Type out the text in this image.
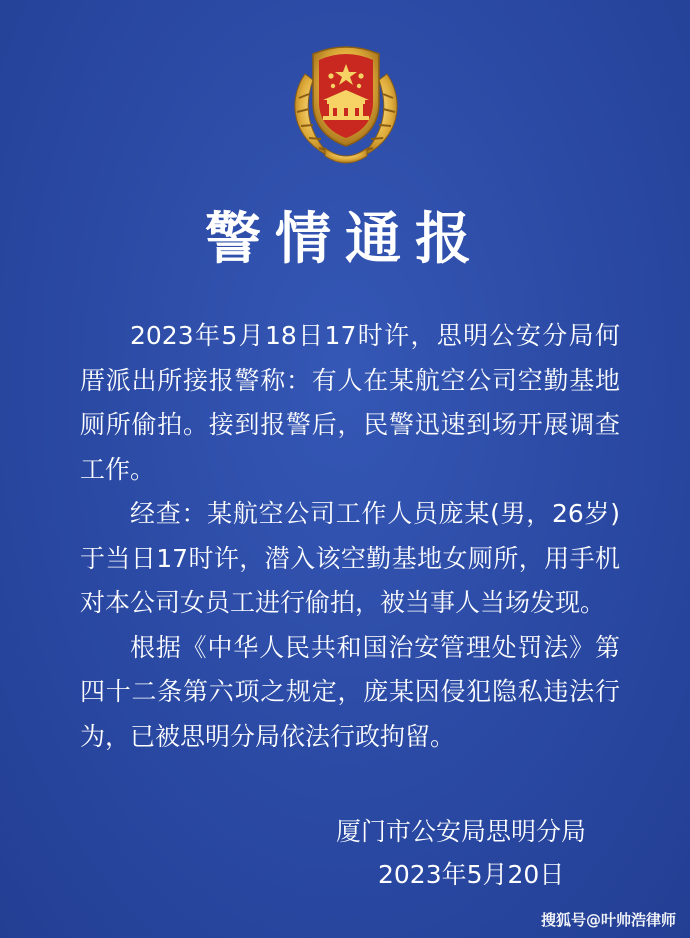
警情通报

2023年5月18日17时许，思明公安分局何厝派出所接报警称：有人在某航空公司空勤基地厕所偷拍。接到报警后，民警迅速到场开展调查工作。

经查：某航空公司工作人员庞某(男，26岁)于当日17时许，潜入该空勤基地女厕所，用手机对本公司女员工进行偷拍，被当事人当场发现。

根据《中华人民共和国治安管理处罚法》第四十二条第六项之规定，庞某因侵犯隐私违法行为，已被思明分局依法行政拘留。

厦门市公安局思明分局
2023年5月20日
搜狐号@叶帅浩律师
